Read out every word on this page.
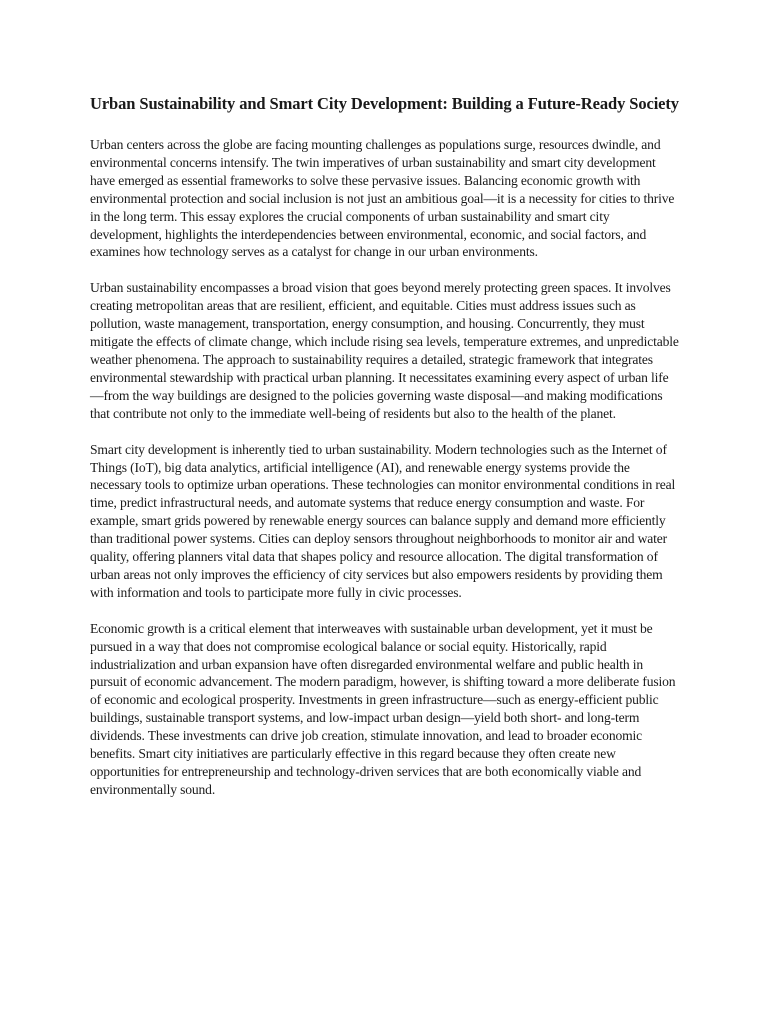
Urban Sustainability and Smart City Development: Building a Future-Ready Society

Urban centers across the globe are facing mounting challenges as populations surge, resources dwindle, and environmental concerns intensify. The twin imperatives of urban sustainability and smart city development have emerged as essential frameworks to solve these pervasive issues. Balancing economic growth with environmental protection and social inclusion is not just an ambitious goal—it is a necessity for cities to thrive in the long term. This essay explores the crucial components of urban sustainability and smart city development, highlights the interdependencies between environmental, economic, and social factors, and examines how technology serves as a catalyst for change in our urban environments.

Urban sustainability encompasses a broad vision that goes beyond merely protecting green spaces. It involves creating metropolitan areas that are resilient, efficient, and equitable. Cities must address issues such as pollution, waste management, transportation, energy consumption, and housing. Concurrently, they must mitigate the effects of climate change, which include rising sea levels, temperature extremes, and unpredictable weather phenomena. The approach to sustainability requires a detailed, strategic framework that integrates environmental stewardship with practical urban planning. It necessitates examining every aspect of urban life—from the way buildings are designed to the policies governing waste disposal—and making modifications that contribute not only to the immediate well-being of residents but also to the health of the planet.

Smart city development is inherently tied to urban sustainability. Modern technologies such as the Internet of Things (IoT), big data analytics, artificial intelligence (AI), and renewable energy systems provide the necessary tools to optimize urban operations. These technologies can monitor environmental conditions in real time, predict infrastructural needs, and automate systems that reduce energy consumption and waste. For example, smart grids powered by renewable energy sources can balance supply and demand more efficiently than traditional power systems. Cities can deploy sensors throughout neighborhoods to monitor air and water quality, offering planners vital data that shapes policy and resource allocation. The digital transformation of urban areas not only improves the efficiency of city services but also empowers residents by providing them with information and tools to participate more fully in civic processes.

Economic growth is a critical element that interweaves with sustainable urban development, yet it must be pursued in a way that does not compromise ecological balance or social equity. Historically, rapid industrialization and urban expansion have often disregarded environmental welfare and public health in pursuit of economic advancement. The modern paradigm, however, is shifting toward a more deliberate fusion of economic and ecological prosperity. Investments in green infrastructure—such as energy-efficient public buildings, sustainable transport systems, and low-impact urban design—yield both short- and long-term dividends. These investments can drive job creation, stimulate innovation, and lead to broader economic benefits. Smart city initiatives are particularly effective in this regard because they often create new opportunities for entrepreneurship and technology-driven services that are both economically viable and environmentally sound.
